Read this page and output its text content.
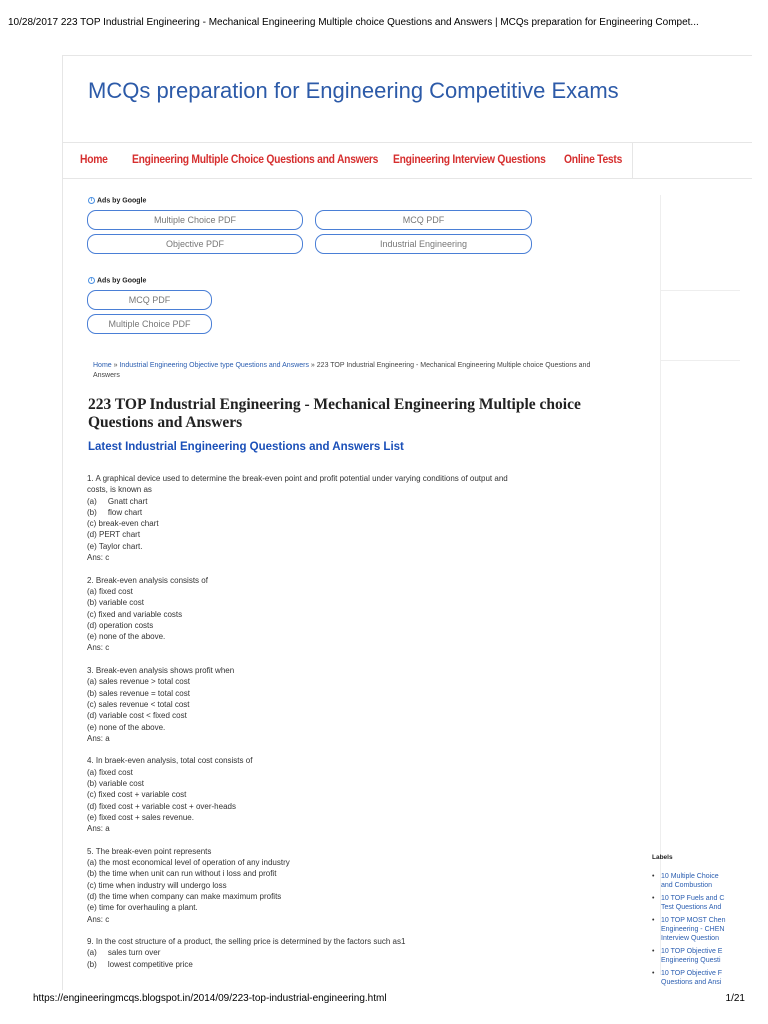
10/28/2017 223 TOP Industrial Engineering - Mechanical Engineering Multiple choice Questions and Answers | MCQs preparation for Engineering Compet...
MCQs preparation for Engineering Competitive Exams
Home Engineering Multiple Choice Questions and Answers Engineering Interview Questions Online Tests
i Ads by Google
Multiple Choice PDF	MCQ PDF
Objective PDF	Industrial Engineering
i Ads by Google
MCQ PDF
Multiple Choice PDF
Home » Industrial Engineering Objective type Questions and Answers » 223 TOP Industrial Engineering - Mechanical Engineering Multiple choice Questions and Answers
223 TOP Industrial Engineering - Mechanical Engineering Multiple choice Questions and Answers
Latest Industrial Engineering Questions and Answers List
1. A graphical device used to determine the break-even point and profit potential under varying conditions of output and
costs, is known as
(a)     Gnatt chart
(b)     flow chart
(c) break-even chart
(d) PERT chart
(e) Taylor chart.
Ans: c
2. Break-even analysis consists of
(a) fixed cost
(b) variable cost
(c) fixed and variable costs
(d) operation costs
(e) none of the above.
Ans: c
3. Break-even analysis shows profit when
(a) sales revenue > total cost
(b) sales revenue = total cost
(c) sales revenue < total cost
(d) variable cost < fixed cost
(e) none of the above.
Ans: a
4. In braek-even analysis, total cost consists of
(a) fixed cost
(b) variable cost
(c) fixed cost + variable cost
(d) fixed cost + variable cost + over-heads
(e) fixed cost + sales revenue.
Ans: a
5. The break-even point represents
(a) the most economical level of operation of any industry
(b) the time when unit can run without i loss and profit
(c) time when industry will undergo loss
(d) the time when company can make maximum profits
(e) time for overhauling a plant.
Ans: c
9. In the cost structure of a product, the selling price is determined by the factors such as1
(a)     sales turn over
(b)     lowest competitive price
Labels
• 10 Multiple Choice
and Combustion
• 10 TOP Fuels and C
Test Questions And
• 10 TOP MOST Chen
Engineering - CHEN
Interview Question
• 10 TOP Objective E
Engineering Questi
• 10 TOP Objective F
Questions and Ansi
https://engineeringmcqs.blogspot.in/2014/09/223-top-industrial-engineering.html	1/21
